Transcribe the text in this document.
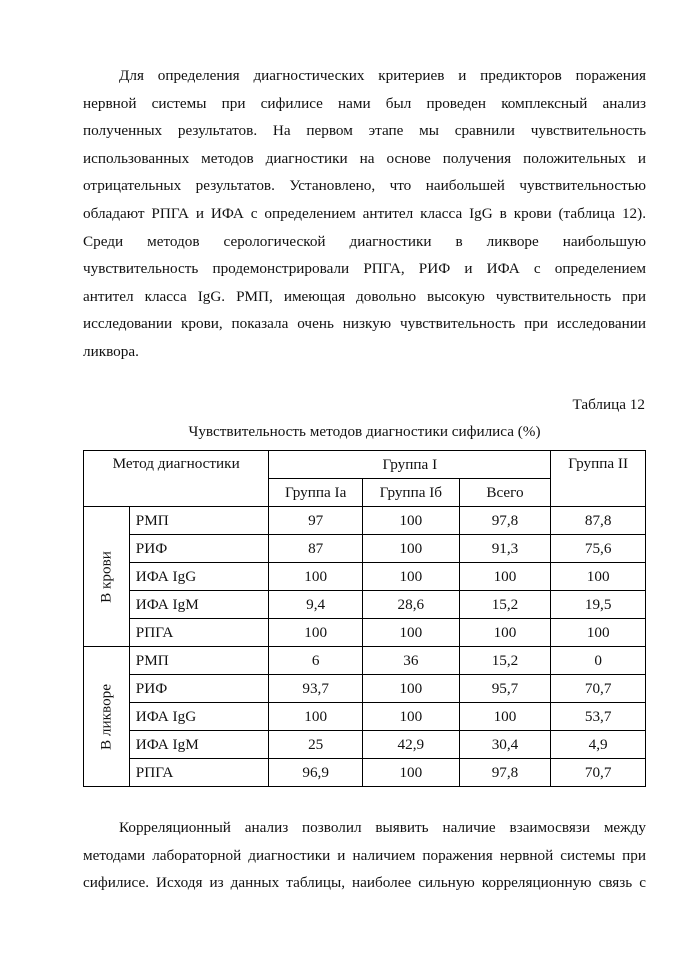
Для определения диагностических критериев и предикторов поражения
нервной системы при сифилисе нами был проведен комплексный анализ
полученных результатов. На первом этапе мы сравнили чувствительность
использованных методов диагностики на основе получения положительных и
отрицательных результатов. Установлено, что наибольшей чувствительностью
обладают РПГА и ИФА с определением антител класса IgG в крови (таблица 12).
Среди методов серологической диагностики в ликворе наибольшую
чувствительность продемонстрировали РПГА, РИФ и ИФА с определением
антител класса IgG. РМП, имеющая довольно высокую чувствительность при
исследовании крови, показала очень низкую чувствительность при исследовании
ликвора.
Таблица 12
Чувствительность методов диагностики сифилиса (%)
Метод диагностики		Группа I			Группа II
		Группа Iа	Группа Iб	Всего	

В крови	РМП	97	100	97,8	87,8
	РИФ	87	100	91,3	75,6
	ИФА IgG	100	100	100	100
	ИФА IgM	9,4	28,6	15,2	19,5
	РПГА	100	100	100	100

В ликворе	РМП	6	36	15,2	0
	РИФ	93,7	100	95,7	70,7
	ИФА IgG	100	100	100	53,7
	ИФА IgM	25	42,9	30,4	4,9
	РПГА	96,9	100	97,8	70,7
Корреляционный анализ позволил выявить наличие взаимосвязи между
методами лабораторной диагностики и наличием поражения нервной системы при
сифилисе. Исходя из данных таблицы, наиболее сильную корреляционную связь с
